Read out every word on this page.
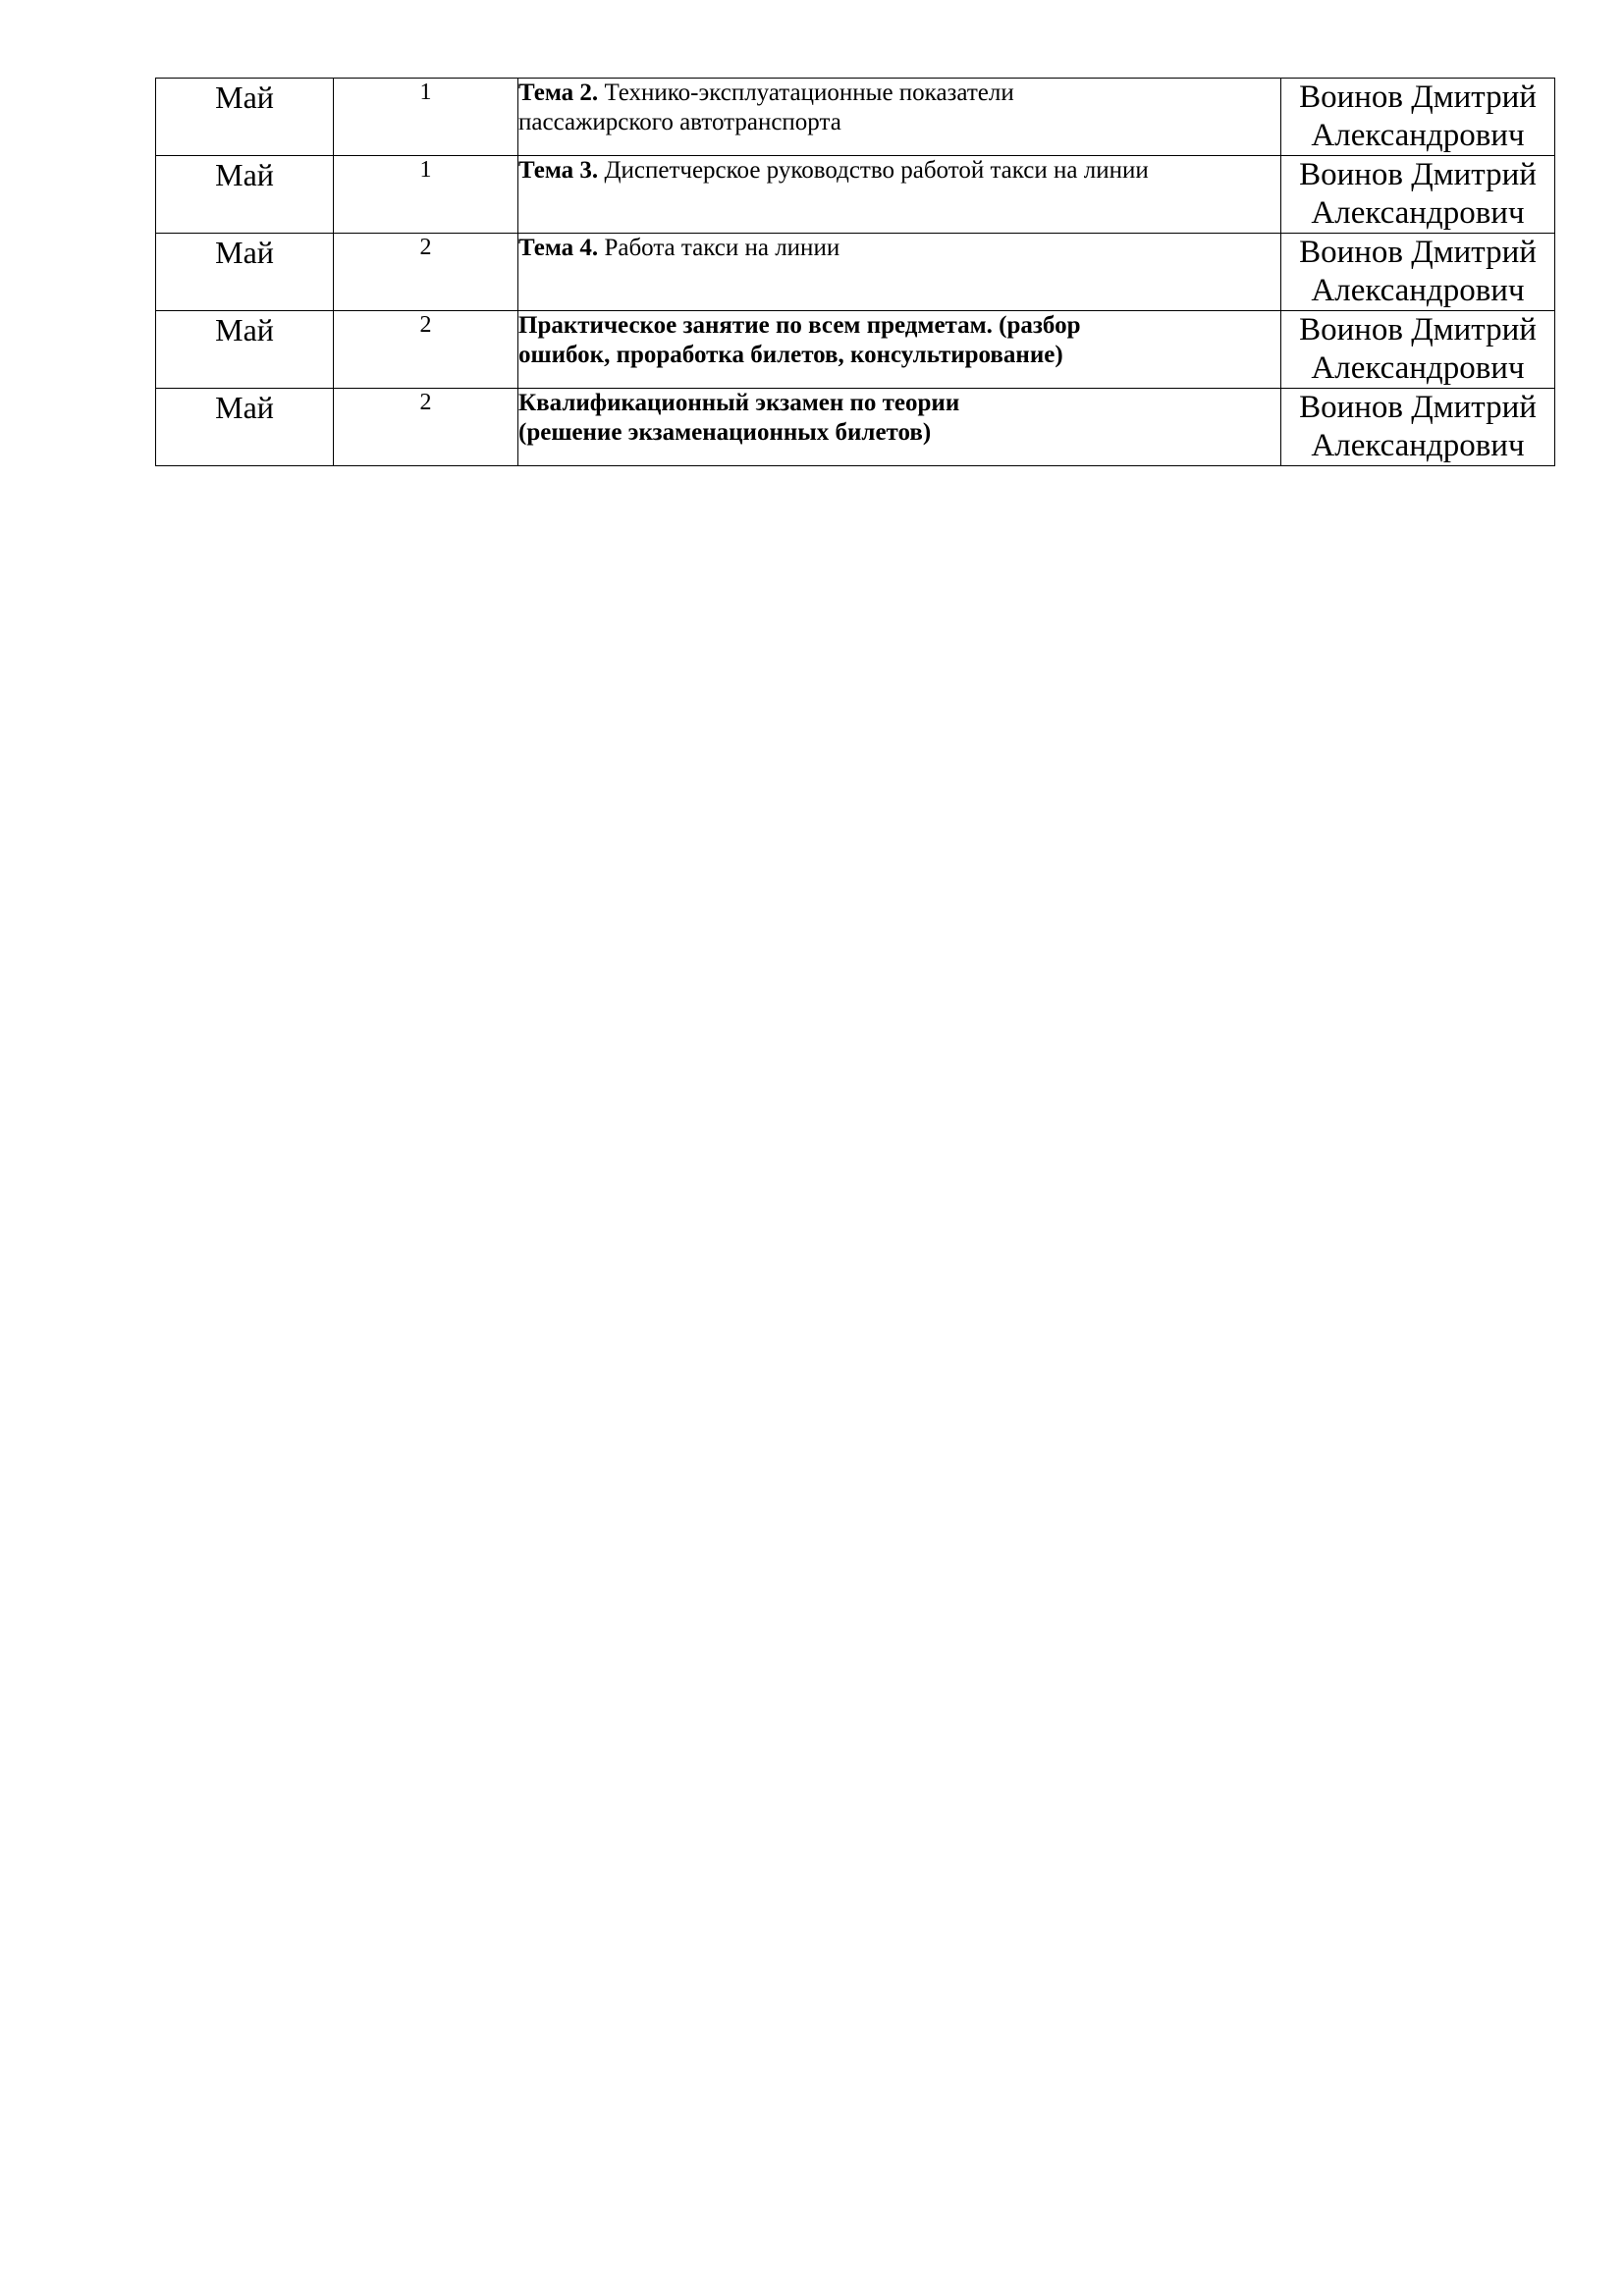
Май	1	Тема 2. Технико-эксплуатационные показатели
пассажирского автотранспорта	Воинов Дмитрий
Александрович

Май	1	Тема 3. Диспетчерское руководство работой такси на линии	Воинов Дмитрий
Александрович

Май	2	Тема 4. Работа такси на линии	Воинов Дмитрий
Александрович

Май	2	Практическое занятие по всем предметам. (разбор
ошибок, проработка билетов, консультирование)	Воинов Дмитрий
Александрович

Май	2	Квалификационный экзамен по теории
(решение экзаменационных билетов)	Воинов Дмитрий
Александрович
